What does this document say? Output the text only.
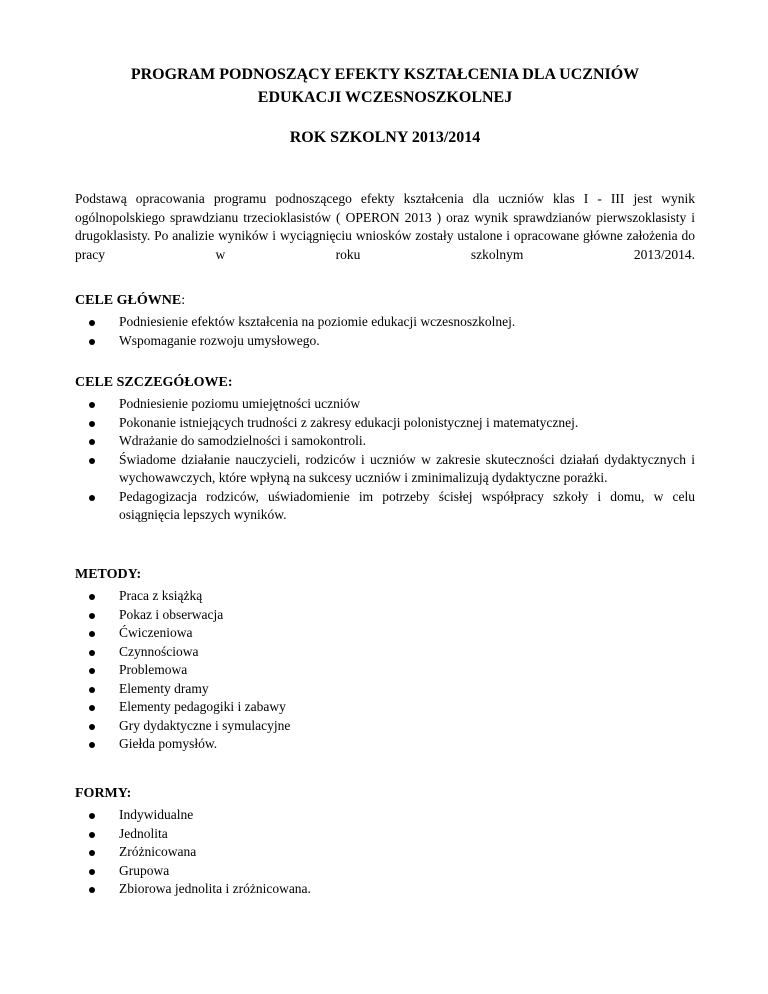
PROGRAM PODNOSZĄCY EFEKTY KSZTAŁCENIA DLA UCZNIÓW
EDUKACJI WCZESNOSZKOLNEJ
ROK SZKOLNY 2013/2014

Podstawą opracowania programu podnoszącego efekty kształcenia dla uczniów klas I - III jest wynik ogólnopolskiego sprawdzianu trzecioklasistów ( OPERON 2013 ) oraz wynik sprawdzianów pierwszoklasisty i drugoklasisty. Po analizie wyników i wyciągnięciu wniosków zostały ustalone i opracowane główne założenia do pracy w roku szkolnym 2013/2014.

CELE GŁÓWNE:

Podniesienie efektów kształcenia na poziomie edukacji wczesnoszkolnej.
Wspomaganie rozwoju umysłowego.

CELE SZCZEGÓŁOWE:

Podniesienie poziomu umiejętności uczniów
Pokonanie istniejących trudności z zakresy edukacji polonistycznej i matematycznej.
Wdrażanie do samodzielności i samokontroli.
Świadome działanie nauczycieli, rodziców i uczniów w zakresie skuteczności działań dydaktycznych i wychowawczych, które wpłyną na sukcesy uczniów i zminimalizują dydaktyczne porażki.
Pedagogizacja rodziców, uświadomienie im potrzeby ścisłej współpracy szkoły i domu, w celu osiągnięcia lepszych wyników.

METODY:

Praca z książką
Pokaz i obserwacja
Ćwiczeniowa
Czynnościowa
Problemowa
Elementy dramy
Elementy pedagogiki i zabawy
Gry dydaktyczne i symulacyjne
Giełda pomysłów.

FORMY:

Indywidualne
Jednolita
Zróżnicowana
Grupowa
Zbiorowa jednolita i zróżnicowana.
